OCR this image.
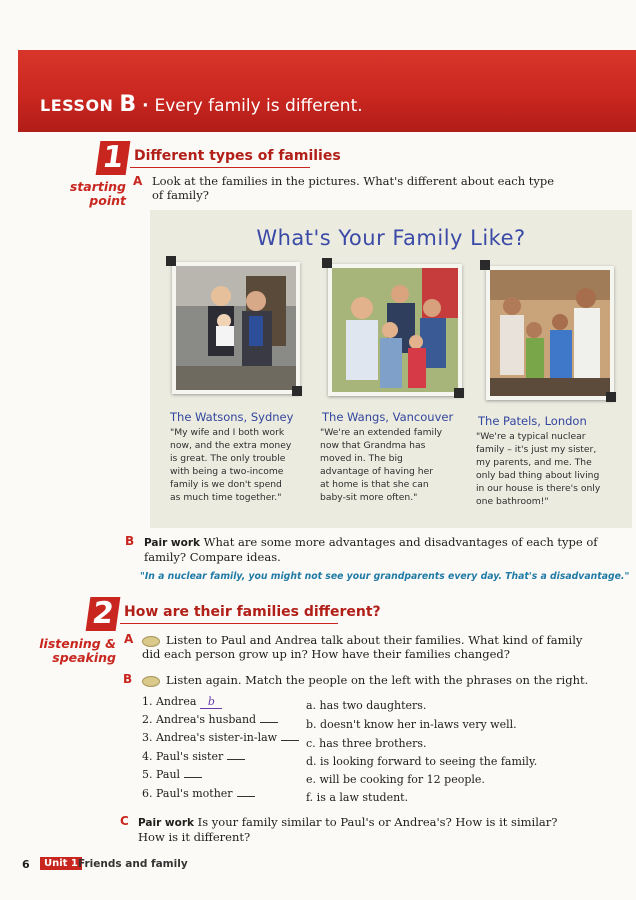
LESSON B · Every family is different.
1 Different types of families
starting
point
A Look at the families in the pictures. What's different about each type
of family?
What's Your Family Like?
The Watsons, Sydney
"My wife and I both work
now, and the extra money
is great. The only trouble
with being a two-income
family is we don't spend
as much time together."
The Wangs, Vancouver
"We're an extended family
now that Grandma has
moved in. The big
advantage of having her
at home is that she can
baby-sit more often."
The Patels, London
"We're a typical nuclear
family – it's just my sister,
my parents, and me. The
only bad thing about living
in our house is there's only
one bathroom!"
B Pair work What are some more advantages and disadvantages of each type of
family? Compare ideas.
"In a nuclear family, you might not see your grandparents every day. That's a disadvantage."
2 How are their families different?
listening &
speaking
A	Listen to Paul and Andrea talk about their families. What kind of family
did each person grow up in? How have their families changed?
B	Listen again. Match the people on the left with the phrases on the right.
1. Andrea b
2. Andrea's husband
3. Andrea's sister-in-law
4. Paul's sister
5. Paul
6. Paul's mother
a. has two daughters.
b. doesn't know her in-laws very well.
c. has three brothers.
d. is looking forward to seeing the family.
e. will be cooking for 12 people.
f. is a law student.
C Pair work Is your family similar to Paul's or Andrea's? How is it similar?
How is it different?
6	Unit 1 Friends and family
